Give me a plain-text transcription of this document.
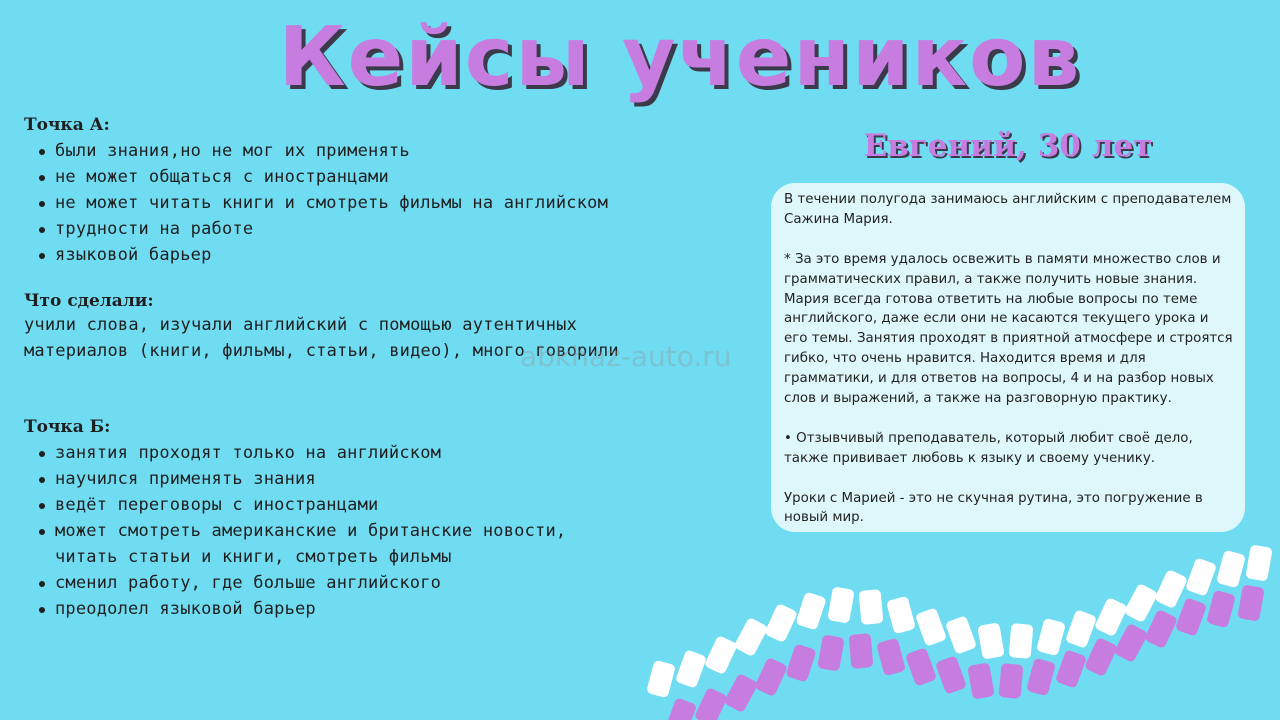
Кейсы учеников
Точка А:
были знания,но не мог их применять
не может общаться с иностранцами
не может читать книги и смотреть фильмы на английском
трудности на работе
языковой барьер
Что сделали:

учили слова, изучали английский с помощью аутентичных материалов (книги, фильмы, статьи, видео), много говорили

Точка Б:
занятия проходят только на английском
научился применять знания
ведёт переговоры с иностранцами
может смотреть американские и британские новости,
читать статьи и книги, смотреть фильмы
сменил работу, где больше английского
преодолел языковой барьер
Евгений, 30 лет

В течении полугода занимаюсь английским с преподавателем Сажина Мария.

* За это время удалось освежить в памяти множество слов и грамматических правил, а также получить новые знания. Мария всегда готова ответить на любые вопросы по теме английского, даже если они не касаются текущего урока и его темы. Занятия проходят в приятной атмосфере и строятся гибко, что очень нравится. Находится время и для грамматики, и для ответов на вопросы, 4 и на разбор новых слов и выражений, а также на разговорную практику.

• Отзывчивый преподаватель, который любит своё дело, также прививает любовь к языку и своему ученику.

Уроки с Марией - это не скучная рутина, это погружение в новый мир.

abkhaz-auto.ru
